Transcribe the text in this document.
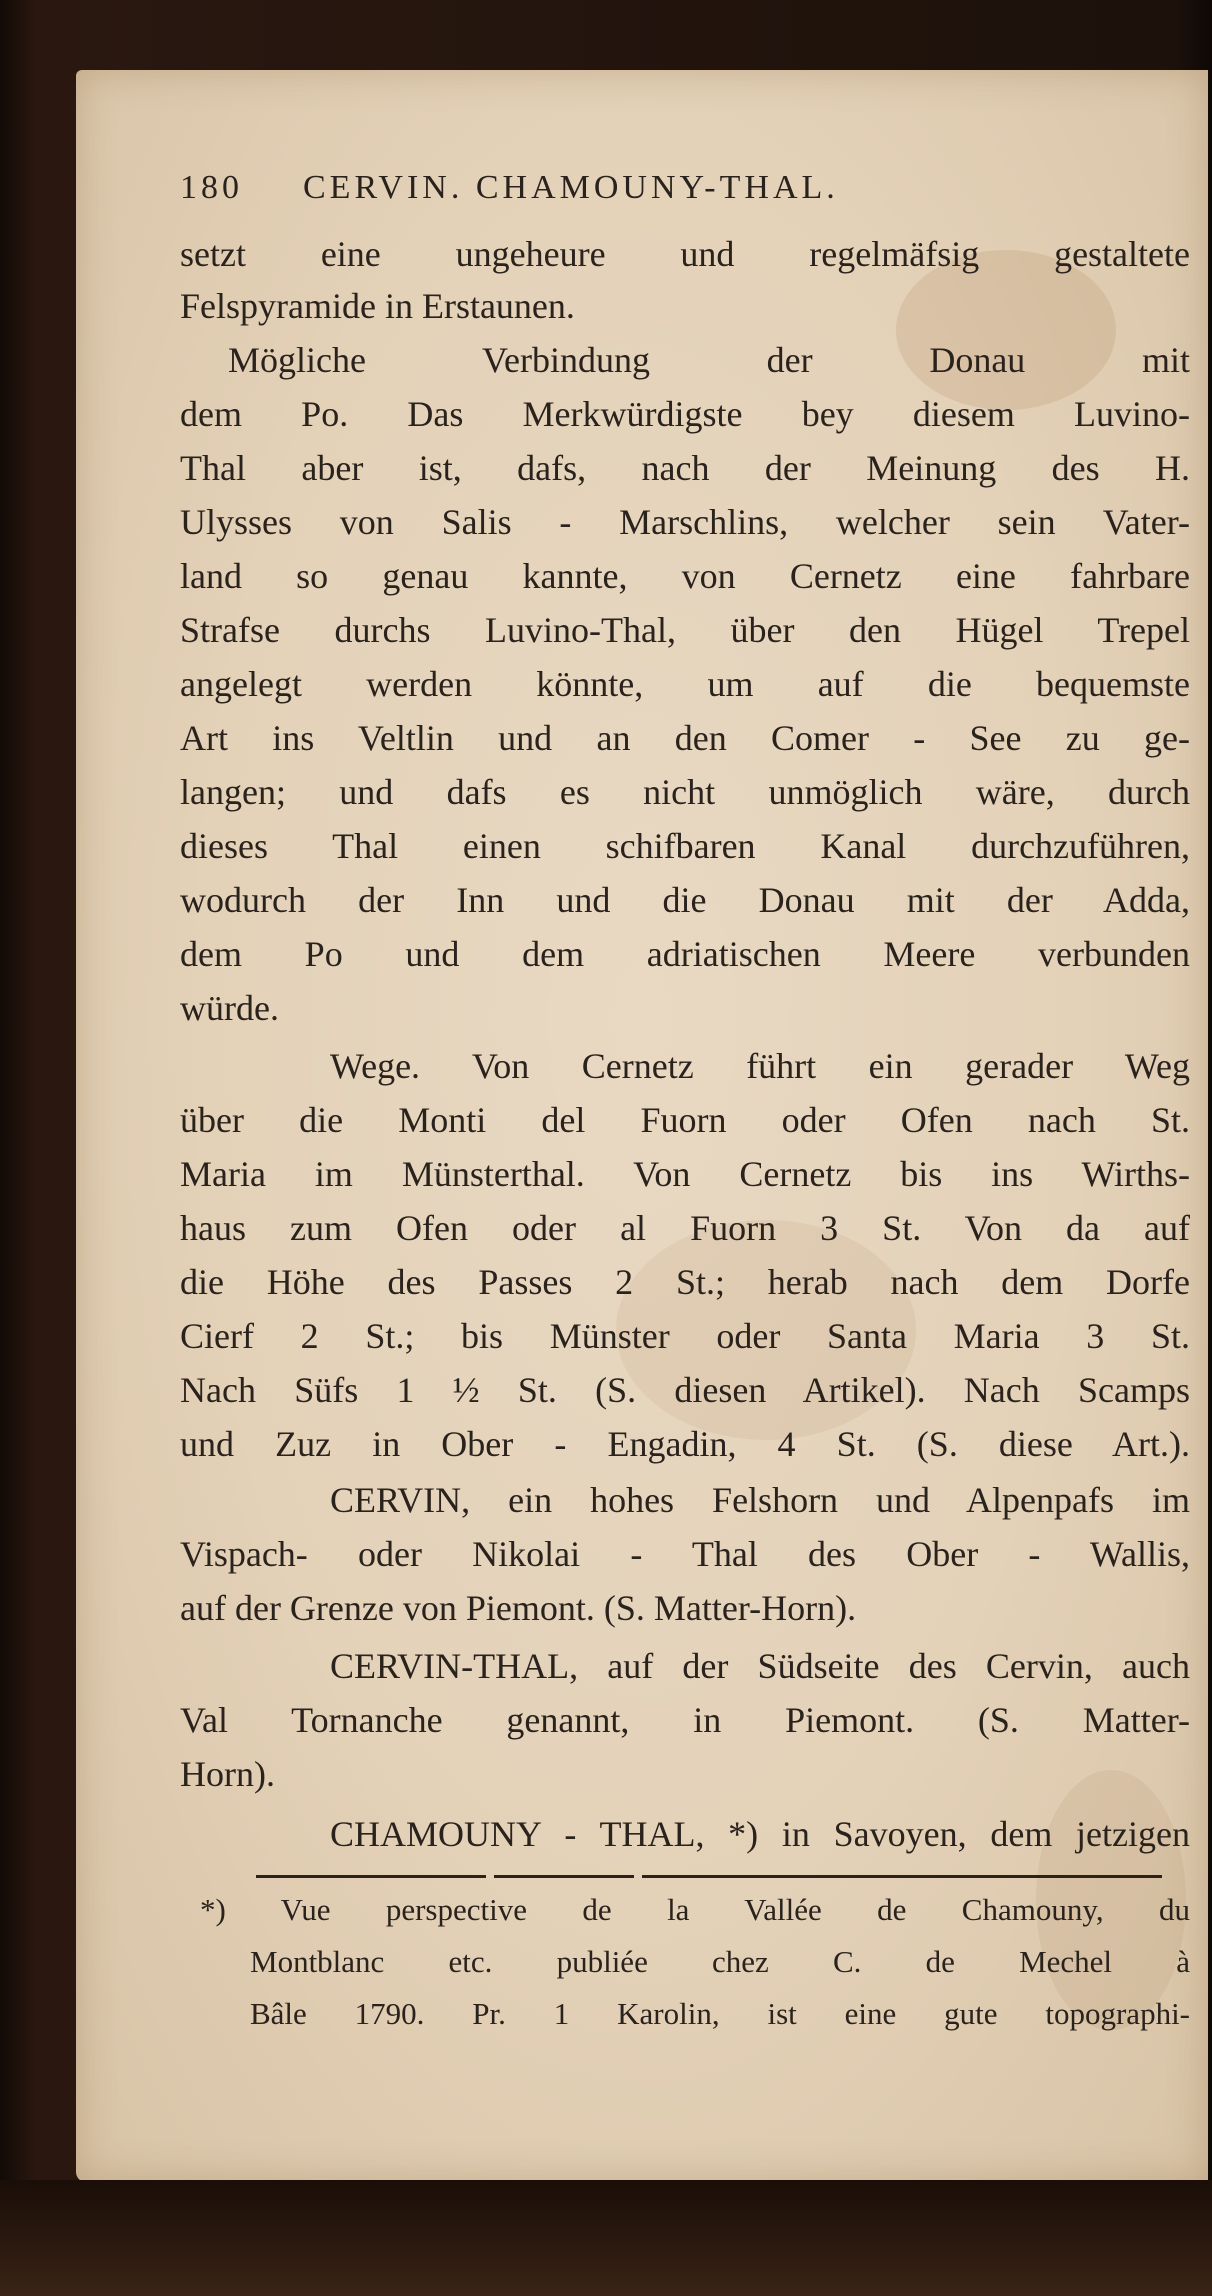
180 CERVIN. CHAMOUNY-THAL.
setzt eine ungeheure und regelmäfsig gestaltete
Felspyramide in Erstaunen.
Mögliche Verbindung der Donau mit
dem Po. Das Merkwürdigste bey diesem Luvino-
Thal aber ist, dafs, nach der Meinung des H.
Ulysses von Salis - Marschlins, welcher sein Vater-
land so genau kannte, von Cernetz eine fahrbare
Strafse durchs Luvino-Thal, über den Hügel Trepel
angelegt werden könnte, um auf die bequemste
Art ins Veltlin und an den Comer - See zu ge-
langen; und dafs es nicht unmöglich wäre, durch
dieses Thal einen schifbaren Kanal durchzuführen,
wodurch der Inn und die Donau mit der Adda,
dem Po und dem adriatischen Meere verbunden
würde.
Wege. Von Cernetz führt ein gerader Weg
über die Monti del Fuorn oder Ofen nach St.
Maria im Münsterthal. Von Cernetz bis ins Wirths-
haus zum Ofen oder al Fuorn 3 St. Von da auf
die Höhe des Passes 2 St.; herab nach dem Dorfe
Cierf 2 St.; bis Münster oder Santa Maria 3 St.
Nach Süfs 1 ½ St. (S. diesen Artikel). Nach Scamps
und Zuz in Ober - Engadin, 4 St. (S. diese Art.).
CERVIN, ein hohes Felshorn und Alpenpafs im
Vispach- oder Nikolai - Thal des Ober - Wallis,
auf der Grenze von Piemont. (S. Matter-Horn).
CERVIN-THAL, auf der Südseite des Cervin, auch
Val Tornanche genannt, in Piemont. (S. Matter-
Horn).
CHAMOUNY - THAL, *) in Savoyen, dem jetzigen
*) Vue perspective de la Vallée de Chamouny, du
Montblanc etc. publiée chez C. de Mechel à
Bâle 1790. Pr. 1 Karolin, ist eine gute topographi-
